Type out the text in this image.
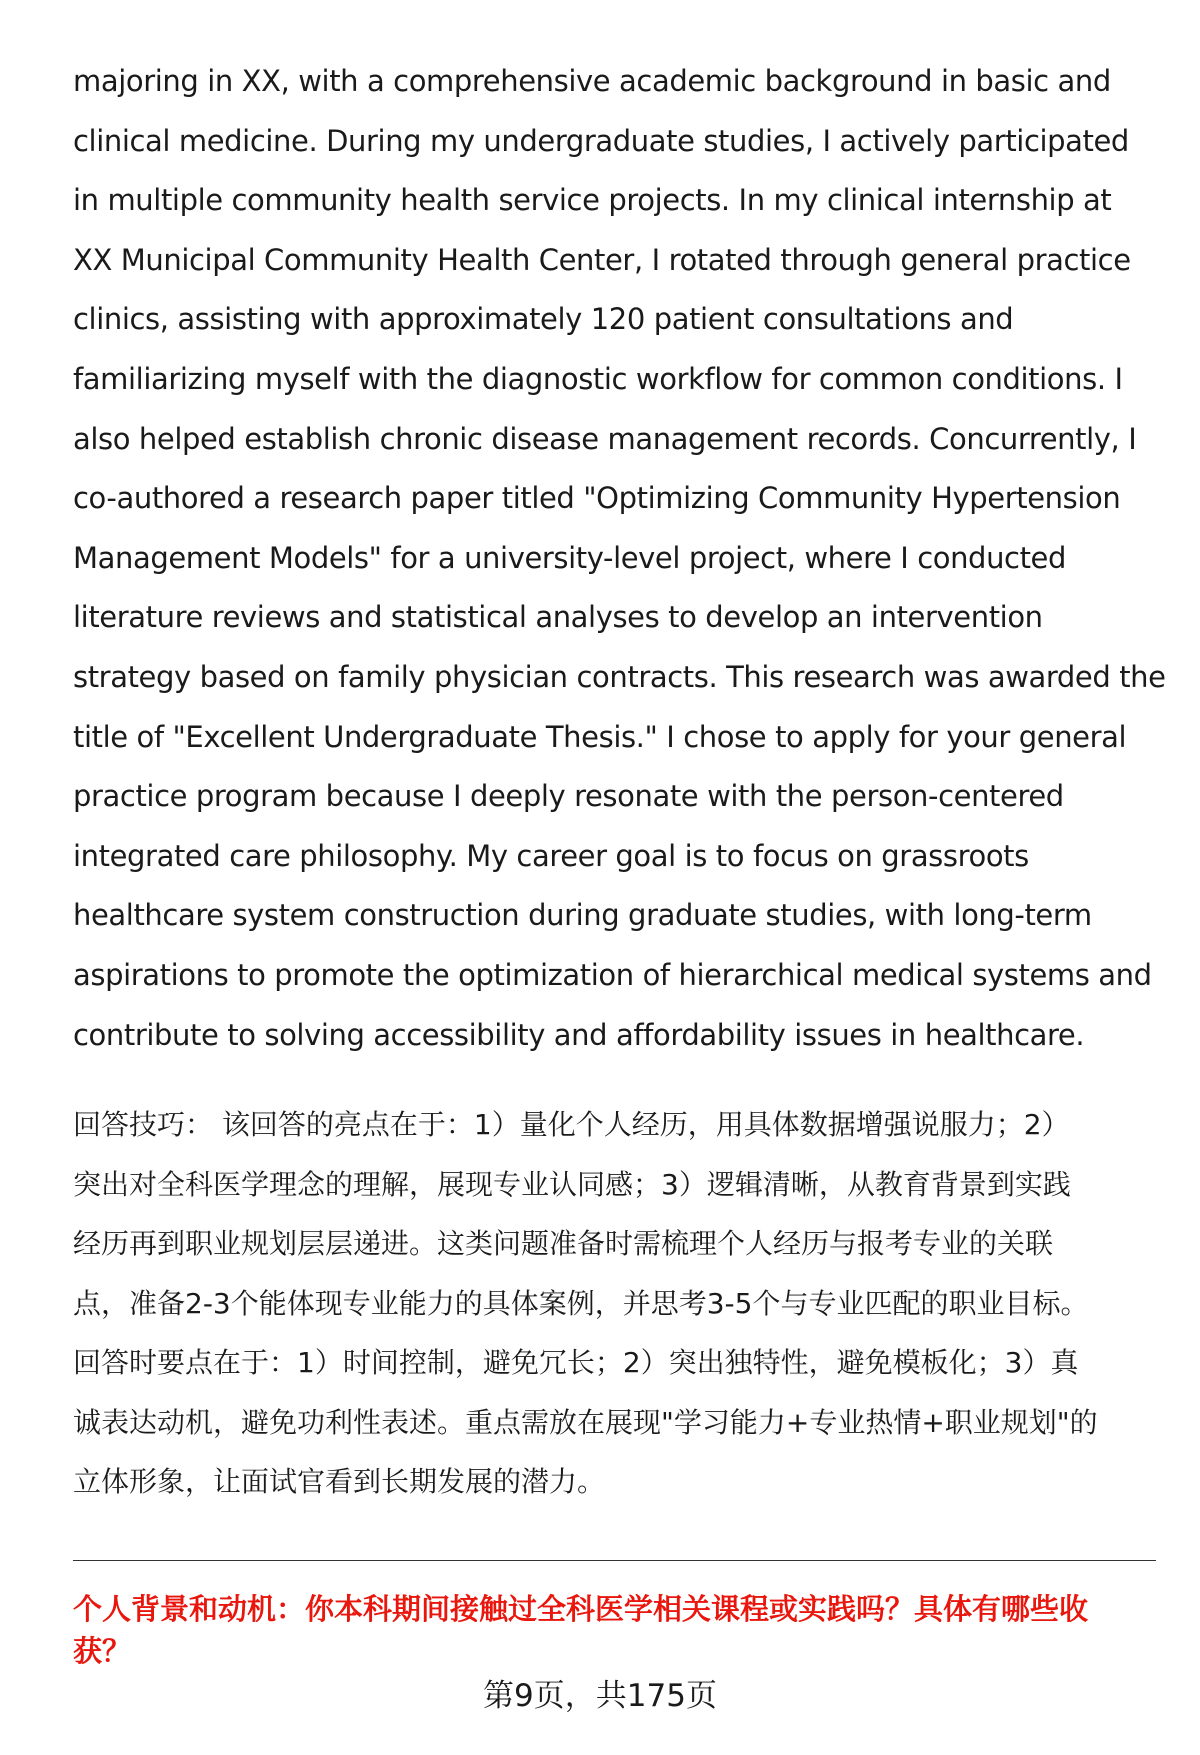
majoring in XX, with a comprehensive academic background in basic and
clinical medicine. During my undergraduate studies, I actively participated
in multiple community health service projects. In my clinical internship at
XX Municipal Community Health Center, I rotated through general practice
clinics, assisting with approximately 120 patient consultations and
familiarizing myself with the diagnostic workflow for common conditions. I
also helped establish chronic disease management records. Concurrently, I
co-authored a research paper titled "Optimizing Community Hypertension
Management Models" for a university-level project, where I conducted
literature reviews and statistical analyses to develop an intervention
strategy based on family physician contracts. This research was awarded the
title of "Excellent Undergraduate Thesis." I chose to apply for your general
practice program because I deeply resonate with the person-centered
integrated care philosophy. My career goal is to focus on grassroots
healthcare system construction during graduate studies, with long-term
aspirations to promote the optimization of hierarchical medical systems and
contribute to solving accessibility and affordability issues in healthcare.
回答技巧： 该回答的亮点在于：1）量化个人经历，用具体数据增强说服力；2）
突出对全科医学理念的理解，展现专业认同感；3）逻辑清晰，从教育背景到实践
经历再到职业规划层层递进。这类问题准备时需梳理个人经历与报考专业的关联
点，准备2-3个能体现专业能力的具体案例，并思考3-5个与专业匹配的职业目标。
回答时要点在于：1）时间控制，避免冗长；2）突出独特性，避免模板化；3）真
诚表达动机，避免功利性表述。重点需放在展现"学习能力+专业热情+职业规划"的
立体形象，让面试官看到长期发展的潜力。
个人背景和动机：你本科期间接触过全科医学相关课程或实践吗？具体有哪些收
获？
第9页，共175页
